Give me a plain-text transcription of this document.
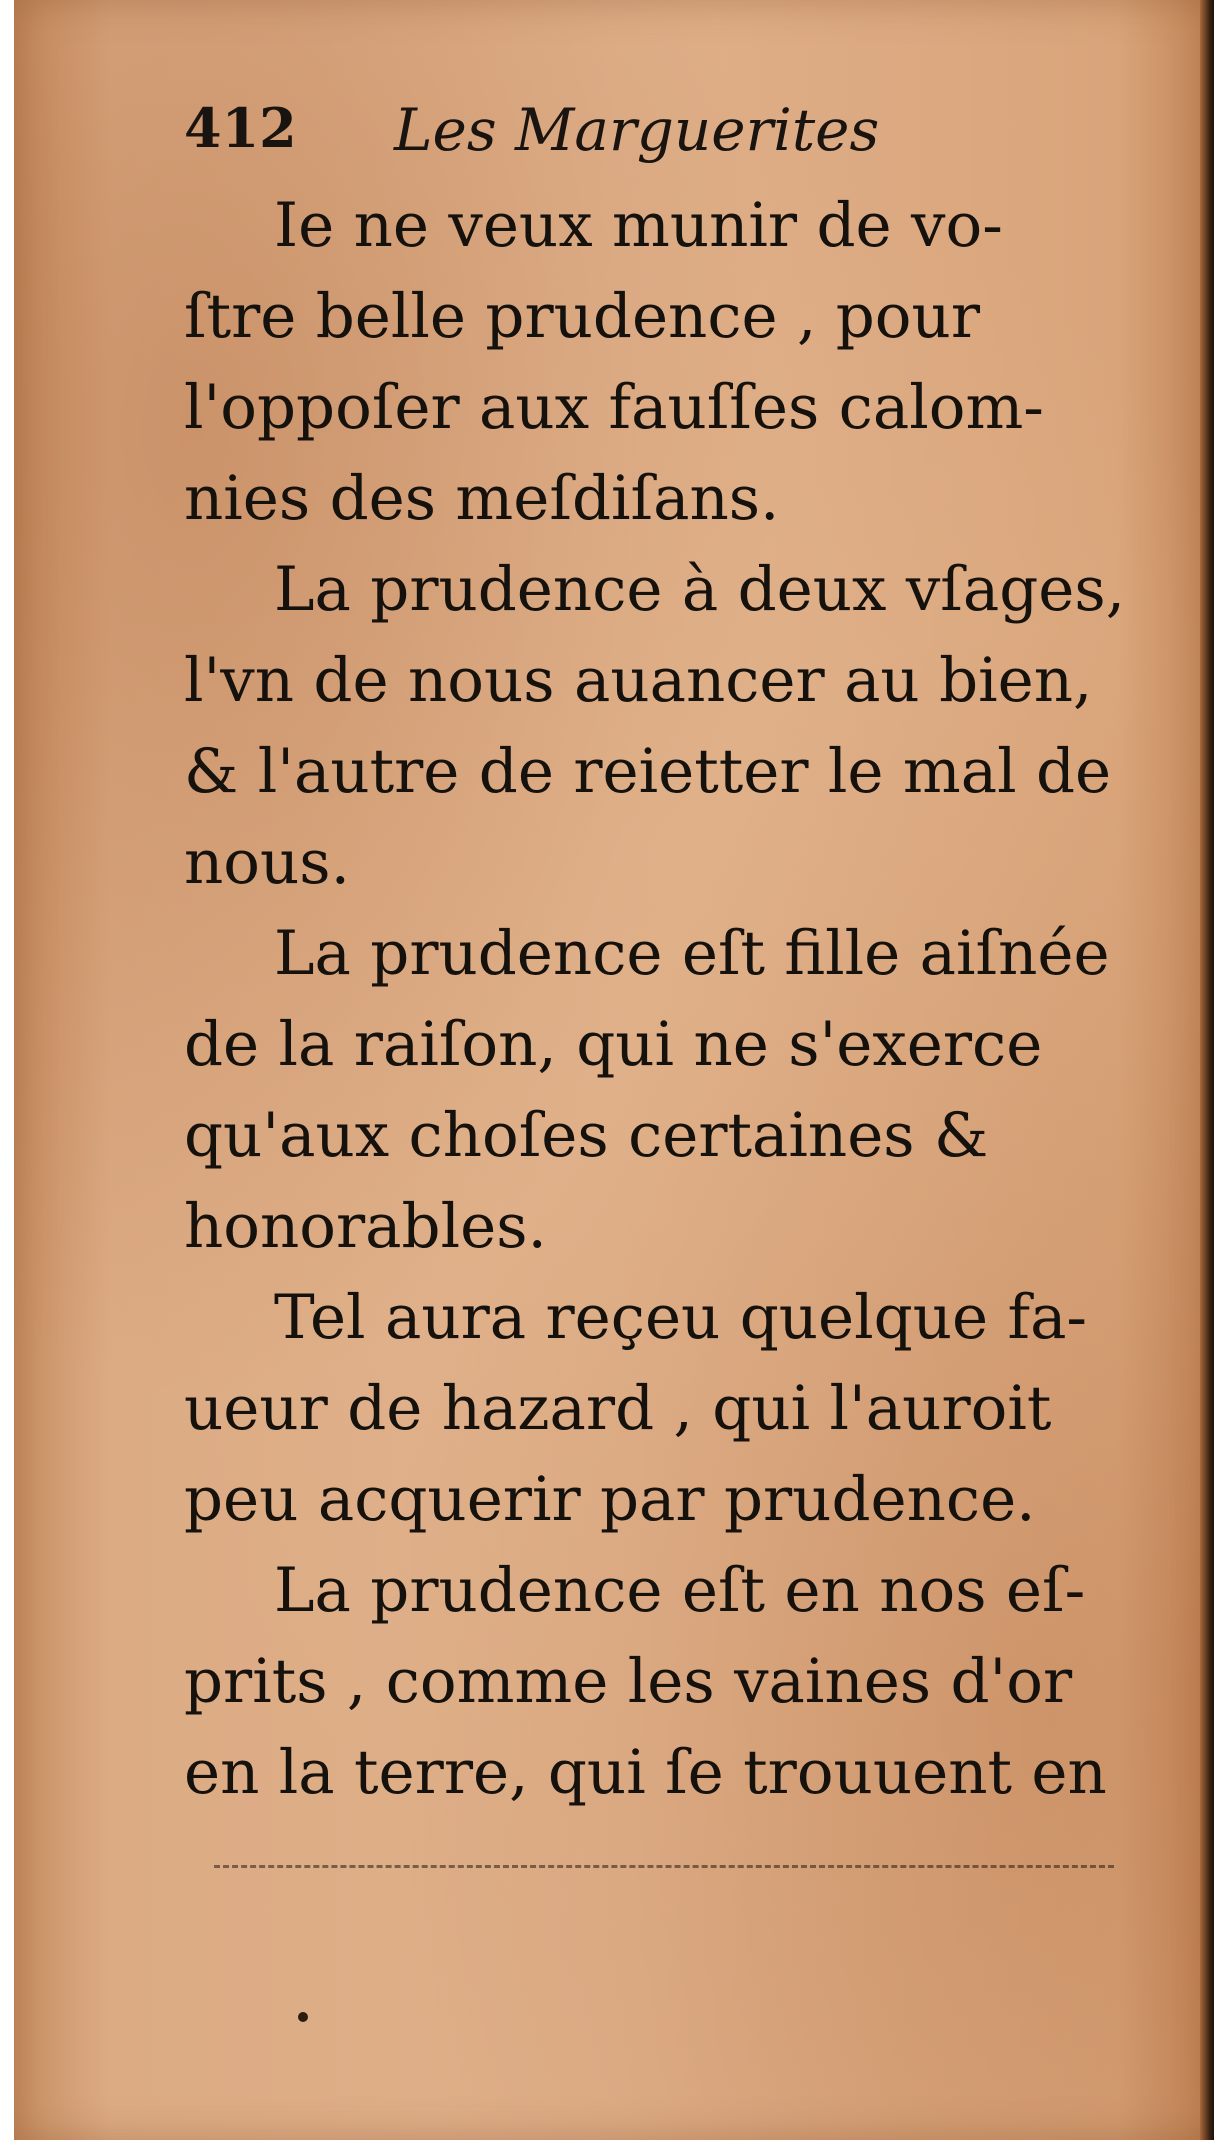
412 Les Marguerites
Ie ne veux munir de vo-
ſtre belle prudence , pour
l'oppoſer aux fauſſes calom-
nies des meſdiſans.
La prudence à deux vſages,
l'vn de nous auancer au bien,
& l'autre de reietter le mal de
nous.
La prudence eſt fille aiſnée
de la raiſon, qui ne s'exerce
qu'aux choſes certaines &
honorables.
Tel aura reçeu quelque fa-
ueur de hazard , qui l'auroit
peu acquerir par prudence.
La prudence eſt en nos eſ-
prits , comme les vaines d'or
en la terre, qui ſe trouuent en
